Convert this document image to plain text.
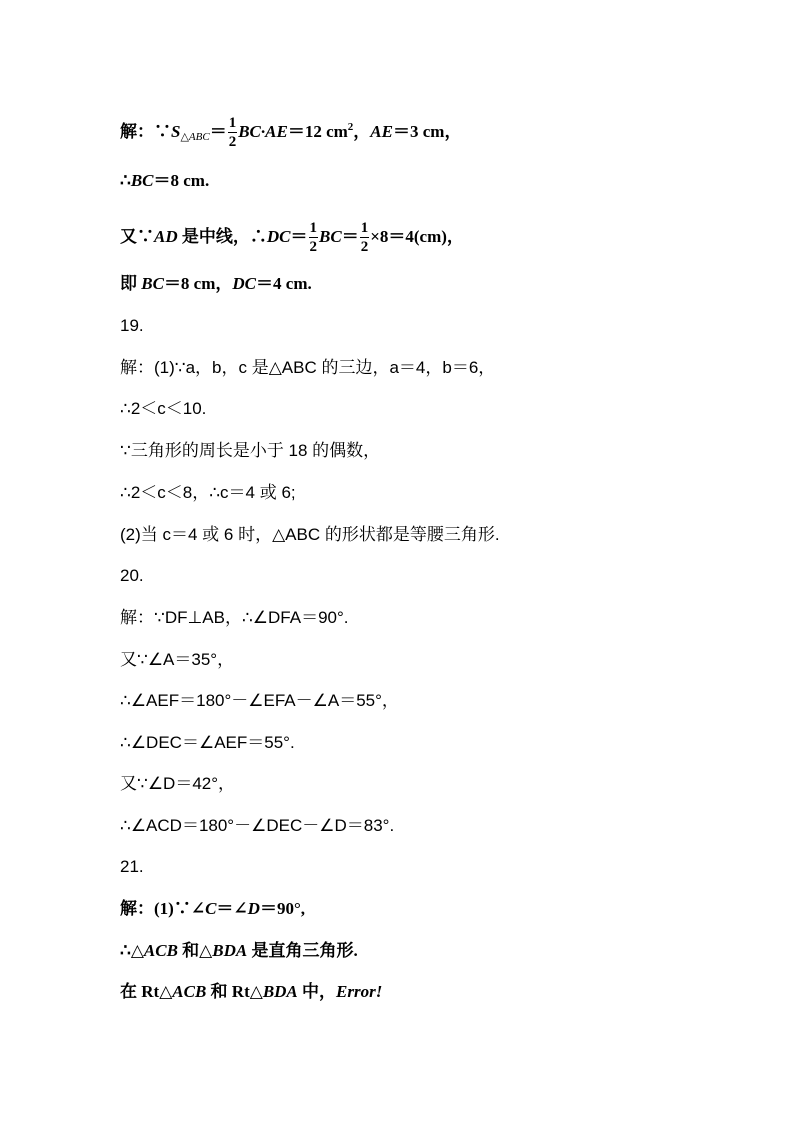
解：∵S△ABC＝ $\frac{1}{2} BC\cdot AE=12$ $cm^2$，AE＝3 cm，
∴BC＝8 cm.
又∵AD 是中线，∴DC＝ $\frac{1}{2} BC= \frac{1}{2} \times 8=4(cm)$，
即 BC＝8 cm，DC＝4 cm.
19.
解：(1)∵a，b，c 是△ABC 的三边，a＝4，b＝6，
∴2＜c＜10.
∵三角形的周长是小于 18 的偶数，
∴2＜c＜8，∴c＝4 或 6;
(2)当 c＝4 或 6 时，△ABC 的形状都是等腰三角形.
20.
解：∵DF⊥AB，∴∠DFA＝90°.
又∵∠A＝35°，
∴∠AEF＝180°－∠EFA－∠A＝55°，
∴∠DEC＝∠AEF＝55°.
又∵∠D＝42°，
∴∠ACD＝180°－∠DEC－∠D＝83°.
21.
解：(1)∵∠C＝∠D＝90°,
∴△ACB 和△BDA 是直角三角形.
在 Rt△ACB 和 Rt△BDA 中，Error!
